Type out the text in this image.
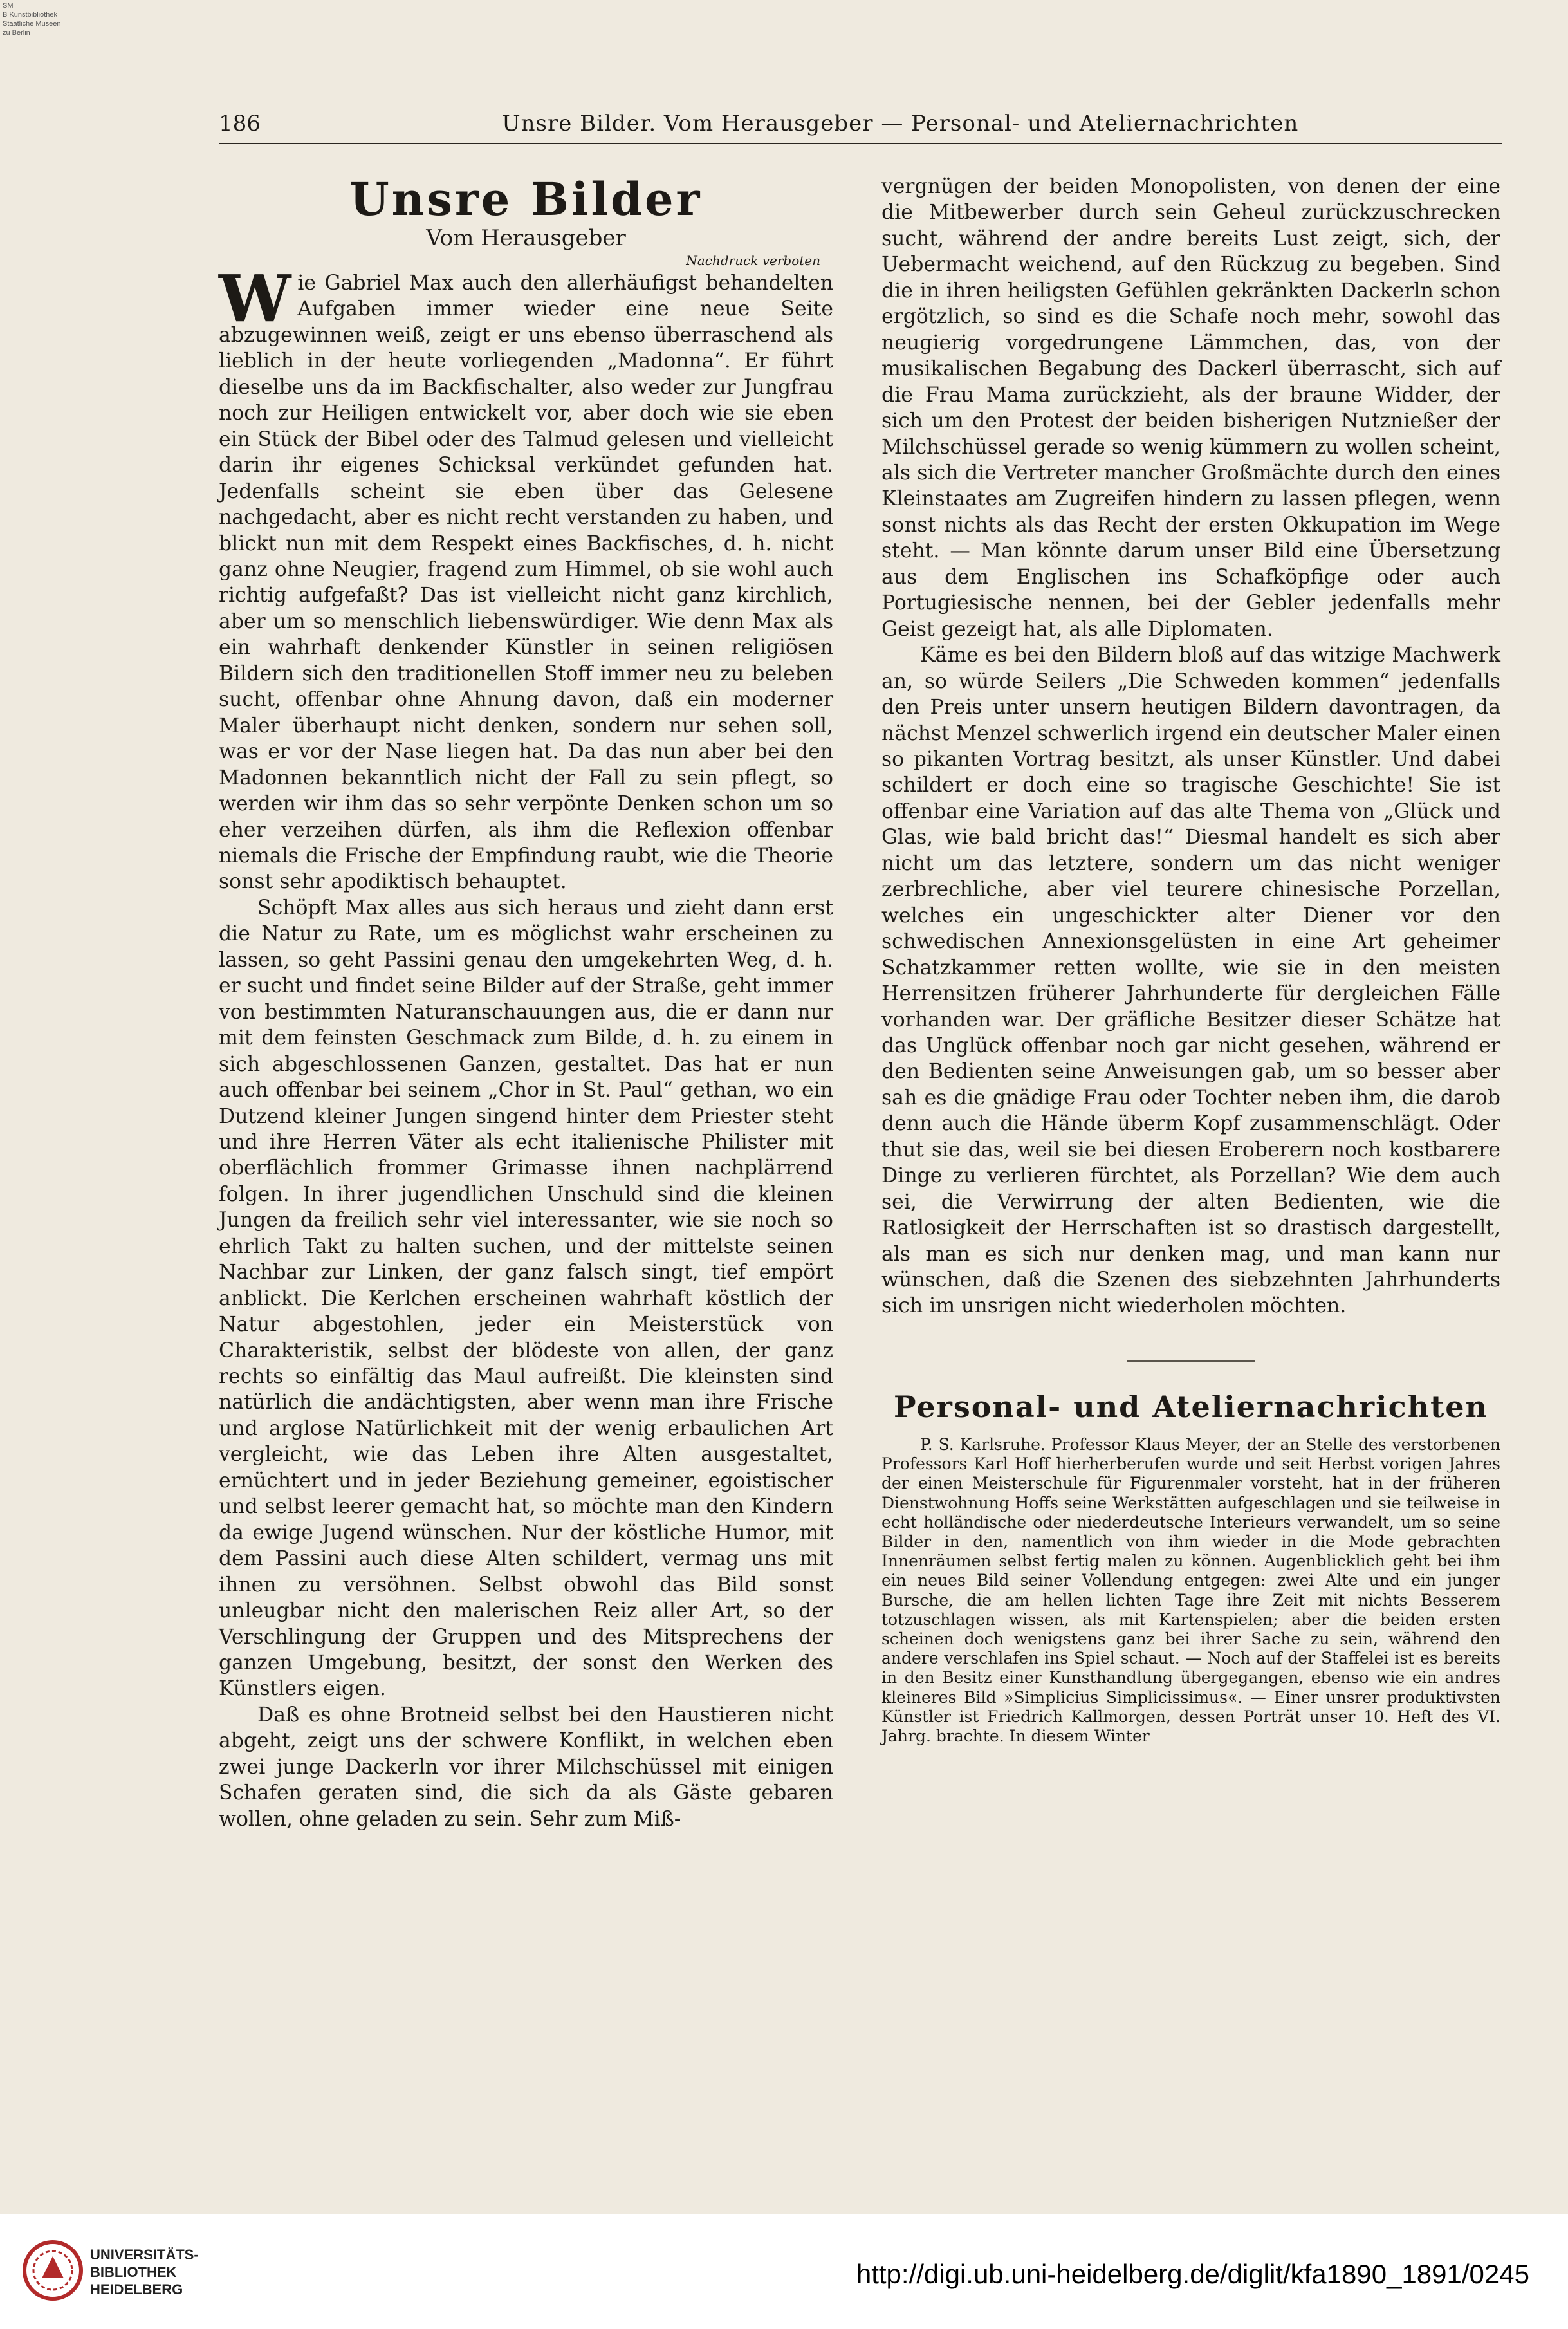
SM
B Kunstbibliothek
Staatliche Museen
zu Berlin
186	Unsre Bilder. Vom Herausgeber — Personal- und Ateliernachrichten
Unsre Bilder
Vom Herausgeber
Nachdruck verboten

Wie Gabriel Max auch den allerhäufigst behandelten Aufgaben immer wieder eine neue Seite abzugewinnen weiß, zeigt er uns ebenso überraschend als lieblich in der heute vorliegenden „Madonna“. Er führt dieselbe uns da im Backfischalter, also weder zur Jungfrau noch zur Heiligen entwickelt vor, aber doch wie sie eben ein Stück der Bibel oder des Talmud gelesen und vielleicht darin ihr eigenes Schicksal verkündet gefunden hat. Jedenfalls scheint sie eben über das Gelesene nachgedacht, aber es nicht recht verstanden zu haben, und blickt nun mit dem Respekt eines Backfisches, d. h. nicht ganz ohne Neugier, fragend zum Himmel, ob sie wohl auch richtig aufgefaßt? Das ist vielleicht nicht ganz kirchlich, aber um so menschlich liebenswürdiger. Wie denn Max als ein wahrhaft denkender Künstler in seinen religiösen Bildern sich den traditionellen Stoff immer neu zu beleben sucht, offenbar ohne Ahnung davon, daß ein moderner Maler überhaupt nicht denken, sondern nur sehen soll, was er vor der Nase liegen hat. Da das nun aber bei den Madonnen bekanntlich nicht der Fall zu sein pflegt, so werden wir ihm das so sehr verpönte Denken schon um so eher verzeihen dürfen, als ihm die Reflexion offenbar niemals die Frische der Empfindung raubt, wie die Theorie sonst sehr apodiktisch behauptet.

Schöpft Max alles aus sich heraus und zieht dann erst die Natur zu Rate, um es möglichst wahr erscheinen zu lassen, so geht Passini genau den umgekehrten Weg, d. h. er sucht und findet seine Bilder auf der Straße, geht immer von bestimmten Naturanschauungen aus, die er dann nur mit dem feinsten Geschmack zum Bilde, d. h. zu einem in sich abgeschlossenen Ganzen, gestaltet. Das hat er nun auch offenbar bei seinem „Chor in St. Paul“ gethan, wo ein Dutzend kleiner Jungen singend hinter dem Priester steht und ihre Herren Väter als echt italienische Philister mit oberflächlich frommer Grimasse ihnen nachplärrend folgen. In ihrer jugendlichen Unschuld sind die kleinen Jungen da freilich sehr viel interessanter, wie sie noch so ehrlich Takt zu halten suchen, und der mittelste seinen Nachbar zur Linken, der ganz falsch singt, tief empört anblickt. Die Kerlchen erscheinen wahrhaft köstlich der Natur abgestohlen, jeder ein Meisterstück von Charakteristik, selbst der blödeste von allen, der ganz rechts so einfältig das Maul aufreißt. Die kleinsten sind natürlich die andächtigsten, aber wenn man ihre Frische und arglose Natürlichkeit mit der wenig erbaulichen Art vergleicht, wie das Leben ihre Alten ausgestaltet, ernüchtert und in jeder Beziehung gemeiner, egoistischer und selbst leerer gemacht hat, so möchte man den Kindern da ewige Jugend wünschen. Nur der köstliche Humor, mit dem Passini auch diese Alten schildert, vermag uns mit ihnen zu versöhnen. Selbst obwohl das Bild sonst unleugbar nicht den malerischen Reiz aller Art, so der Verschlingung der Gruppen und des Mitsprechens der ganzen Umgebung, besitzt, der sonst den Werken des Künstlers eigen.

Daß es ohne Brotneid selbst bei den Haustieren nicht abgeht, zeigt uns der schwere Konflikt, in welchen eben zwei junge Dackerln vor ihrer Milchschüssel mit einigen Schafen geraten sind, die sich da als Gäste gebaren wollen, ohne geladen zu sein. Sehr zum Miß-

vergnügen der beiden Monopolisten, von denen der eine die Mitbewerber durch sein Geheul zurückzuschrecken sucht, während der andre bereits Lust zeigt, sich, der Uebermacht weichend, auf den Rückzug zu begeben. Sind die in ihren heiligsten Gefühlen gekränkten Dackerln schon ergötzlich, so sind es die Schafe noch mehr, sowohl das neugierig vorgedrungene Lämmchen, das, von der musikalischen Begabung des Dackerl überrascht, sich auf die Frau Mama zurückzieht, als der braune Widder, der sich um den Protest der beiden bisherigen Nutznießer der Milchschüssel gerade so wenig kümmern zu wollen scheint, als sich die Vertreter mancher Großmächte durch den eines Kleinstaates am Zugreifen hindern zu lassen pflegen, wenn sonst nichts als das Recht der ersten Okkupation im Wege steht. — Man könnte darum unser Bild eine Übersetzung aus dem Englischen ins Schafköpfige oder auch Portugiesische nennen, bei der Gebler jedenfalls mehr Geist gezeigt hat, als alle Diplomaten.

Käme es bei den Bildern bloß auf das witzige Machwerk an, so würde Seilers „Die Schweden kommen“ jedenfalls den Preis unter unsern heutigen Bildern davontragen, da nächst Menzel schwerlich irgend ein deutscher Maler einen so pikanten Vortrag besitzt, als unser Künstler. Und dabei schildert er doch eine so tragische Geschichte! Sie ist offenbar eine Variation auf das alte Thema von „Glück und Glas, wie bald bricht das!“ Diesmal handelt es sich aber nicht um das letztere, sondern um das nicht weniger zerbrechliche, aber viel teurere chinesische Porzellan, welches ein ungeschickter alter Diener vor den schwedischen Annexionsgelüsten in eine Art geheimer Schatzkammer retten wollte, wie sie in den meisten Herrensitzen früherer Jahrhunderte für dergleichen Fälle vorhanden war. Der gräfliche Besitzer dieser Schätze hat das Unglück offenbar noch gar nicht gesehen, während er den Bedienten seine Anweisungen gab, um so besser aber sah es die gnädige Frau oder Tochter neben ihm, die darob denn auch die Hände überm Kopf zusammenschlägt. Oder thut sie das, weil sie bei diesen Eroberern noch kostbarere Dinge zu verlieren fürchtet, als Porzellan? Wie dem auch sei, die Verwirrung der alten Bedienten, wie die Ratlosigkeit der Herrschaften ist so drastisch dargestellt, als man es sich nur denken mag, und man kann nur wünschen, daß die Szenen des siebzehnten Jahrhunderts sich im unsrigen nicht wiederholen möchten.

Personal- und Ateliernachrichten

P. S. Karlsruhe. Professor Klaus Meyer, der an Stelle des verstorbenen Professors Karl Hoff hierherberufen wurde und seit Herbst vorigen Jahres der einen Meisterschule für Figurenmaler vorsteht, hat in der früheren Dienstwohnung Hoffs seine Werkstätten aufgeschlagen und sie teilweise in echt holländische oder niederdeutsche Interieurs verwandelt, um so seine Bilder in den, namentlich von ihm wieder in die Mode gebrachten Innenräumen selbst fertig malen zu können. Augenblicklich geht bei ihm ein neues Bild seiner Vollendung entgegen: zwei Alte und ein junger Bursche, die am hellen lichten Tage ihre Zeit mit nichts Besserem totzuschlagen wissen, als mit Kartenspielen; aber die beiden ersten scheinen doch wenigstens ganz bei ihrer Sache zu sein, während den andere verschlafen ins Spiel schaut. — Noch auf der Staffelei ist es bereits in den Besitz einer Kunsthandlung übergegangen, ebenso wie ein andres kleineres Bild »Simplicius Simplicissimus«. — Einer unsrer produktivsten Künstler ist Friedrich Kallmorgen, dessen Porträt unser 10. Heft des VI. Jahrg. brachte. In diesem Winter

UNIVERSITÄTS-
BIBLIOTHEK
HEIDELBERG
http://digi.ub.uni-heidelberg.de/diglit/kfa1890_1891/0245
